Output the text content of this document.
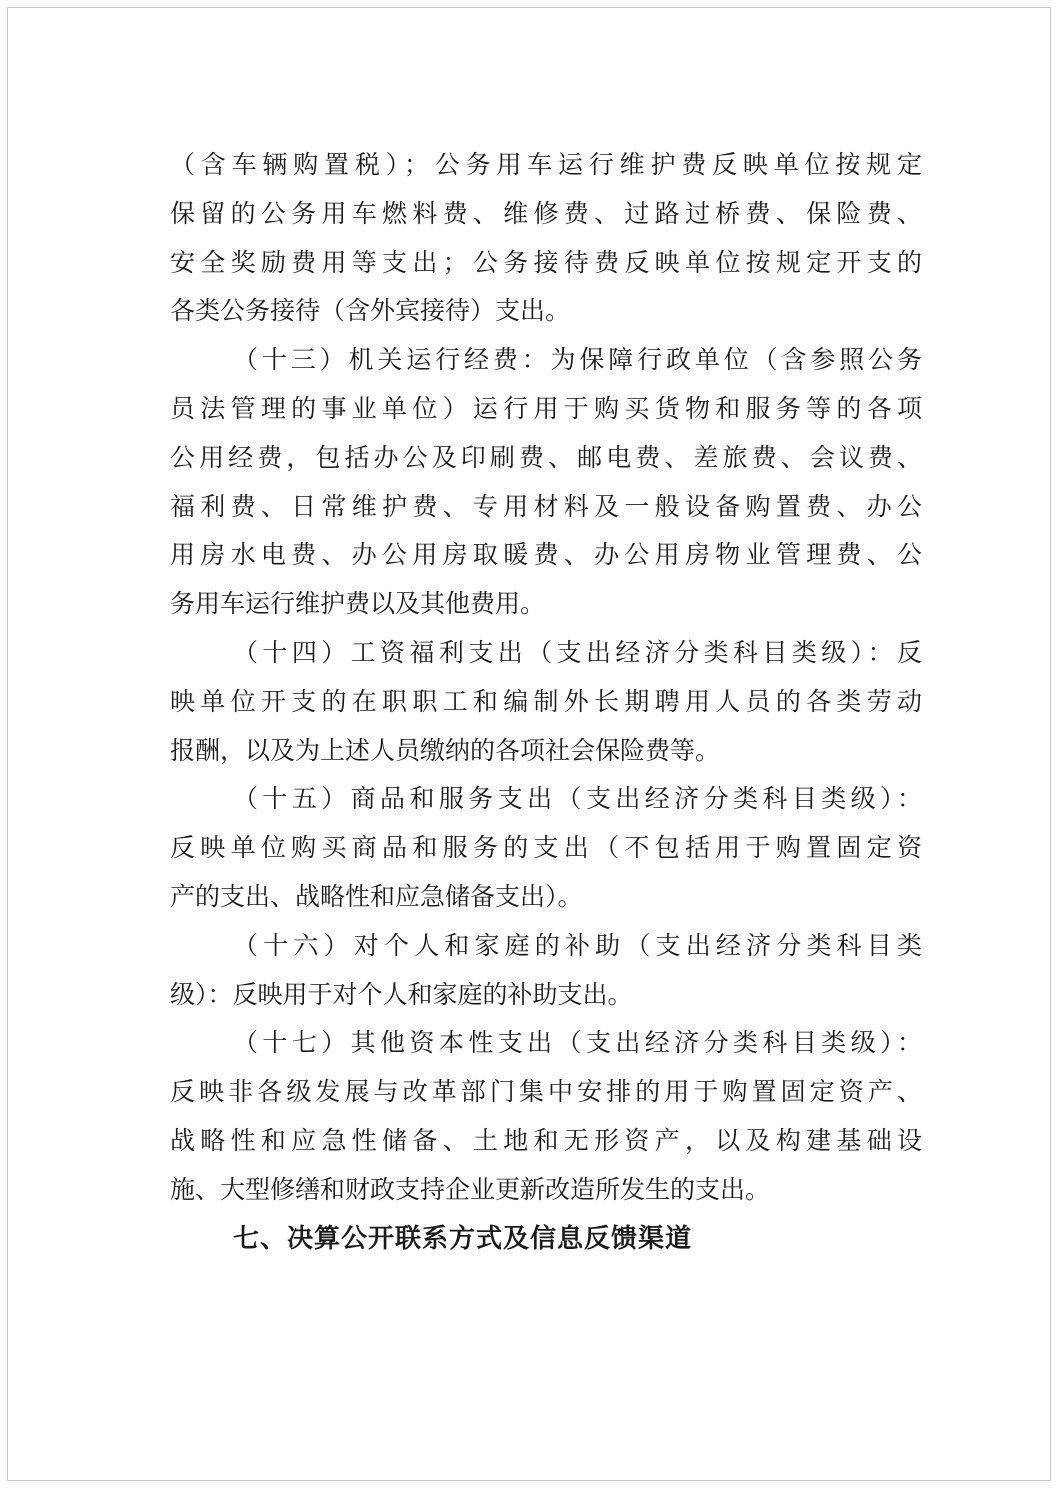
（含车辆购置税）；公务用车运行维护费反映单位按规定
保留的公务用车燃料费、维修费、过路过桥费、保险费、
安全奖励费用等支出；公务接待费反映单位按规定开支的
各类公务接待（含外宾接待）支出。
（十三）机关运行经费：为保障行政单位（含参照公务
员法管理的事业单位）运行用于购买货物和服务等的各项
公用经费，包括办公及印刷费、邮电费、差旅费、会议费、
福利费、日常维护费、专用材料及一般设备购置费、办公
用房水电费、办公用房取暖费、办公用房物业管理费、公
务用车运行维护费以及其他费用。
（十四）工资福利支出（支出经济分类科目类级）：反
映单位开支的在职职工和编制外长期聘用人员的各类劳动
报酬，以及为上述人员缴纳的各项社会保险费等。
（十五）商品和服务支出（支出经济分类科目类级）：
反映单位购买商品和服务的支出（不包括用于购置固定资
产的支出、战略性和应急储备支出）。
（十六）对个人和家庭的补助（支出经济分类科目类
级）：反映用于对个人和家庭的补助支出。
（十七）其他资本性支出（支出经济分类科目类级）：
反映非各级发展与改革部门集中安排的用于购置固定资产、
战略性和应急性储备、土地和无形资产，以及构建基础设
施、大型修缮和财政支持企业更新改造所发生的支出。
七、决算公开联系方式及信息反馈渠道
